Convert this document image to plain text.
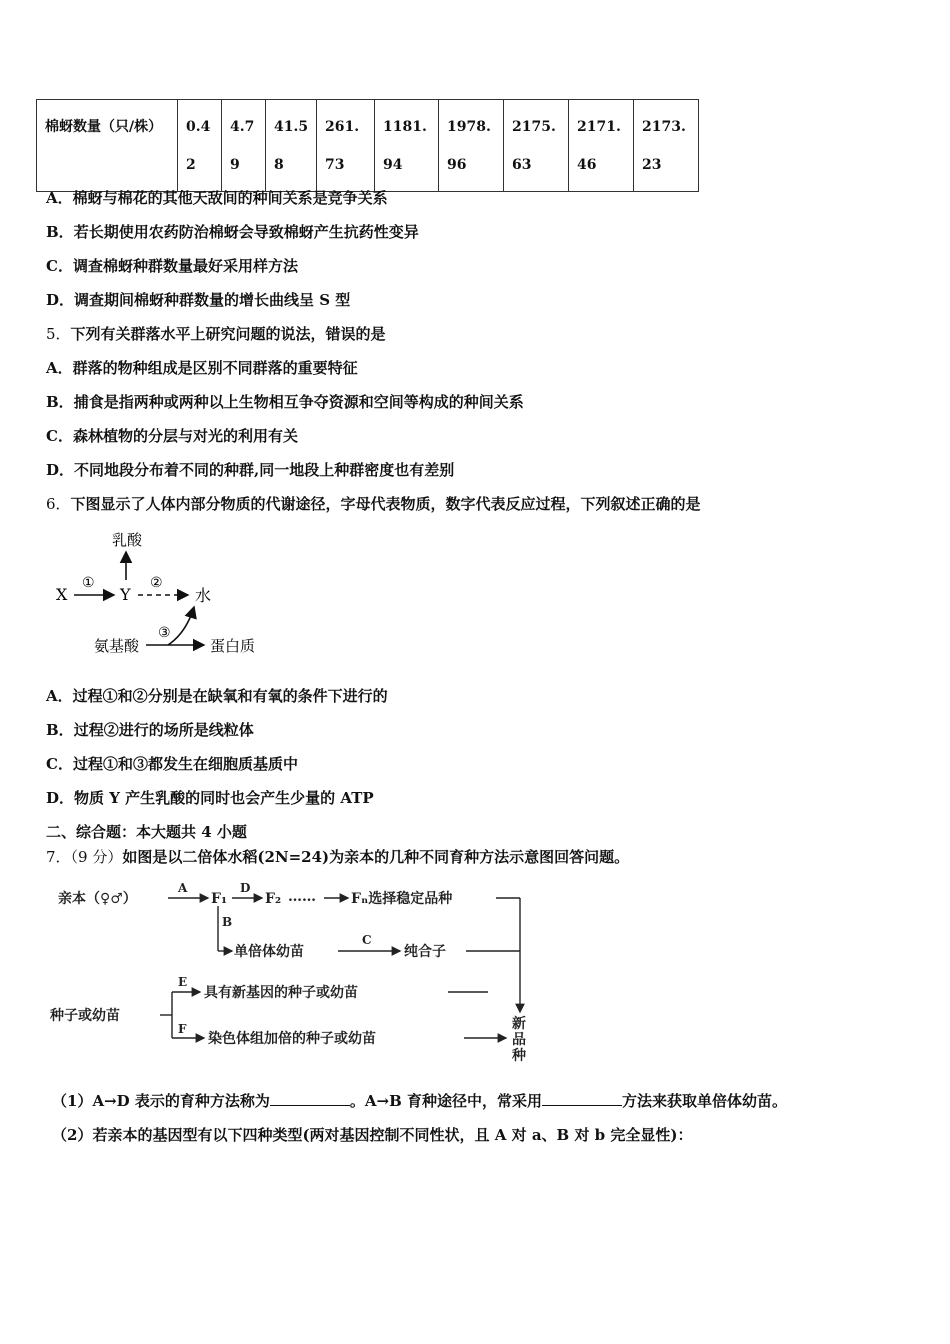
棉蚜数量（只/株）	0.42	4.79	41.58	261.73	1181.94	1978.96	2175.63	2171.46	2173.23
A．棉蚜与棉花的其他天敌间的种间关系是竞争关系
B．若长期使用农药防治棉蚜会导致棉蚜产生抗药性变异
C．调查棉蚜种群数量最好采用样方法
D．调查期间棉蚜种群数量的增长曲线呈 S 型
5．下列有关群落水平上研究问题的说法，错误的是
A．群落的物种组成是区别不同群落的重要特征
B．捕食是指两种或两种以上生物相互争夺资源和空间等构成的种间关系
C．森林植物的分层与对光的利用有关
D．不同地段分布着不同的种群,同一地段上种群密度也有差别
6．下图显示了人体内部分物质的代谢途径，字母代表物质，数字代表反应过程，下列叙述正确的是
乳酸
X
①
Y
②
水
氨基酸
③
蛋白质
A．过程①和②分别是在缺氧和有氧的条件下进行的
B．过程②进行的场所是线粒体
C．过程①和③都发生在细胞质基质中
D．物质 Y 产生乳酸的同时也会产生少量的 ATP
二、综合题：本大题共 4 小题
7．（9 分）如图是以二倍体水稻(2N=24)为亲本的几种不同育种方法示意图回答问题。
亲本（♀♂）
A
F₁
D
F₂ ……	Fₙ选择稳定品种
B
单倍体幼苗
C
纯合子
种子或幼苗
E
具有新基因的种子或幼苗
F
染色体组加倍的种子或幼苗
新
品
种
（1）A→D 表示的育种方法称为	。A→B 育种途径中，常采用	方法来获取单倍体幼苗。
（2）若亲本的基因型有以下四种类型(两对基因控制不同性状，且 A 对 a、B 对 b 完全显性)：
